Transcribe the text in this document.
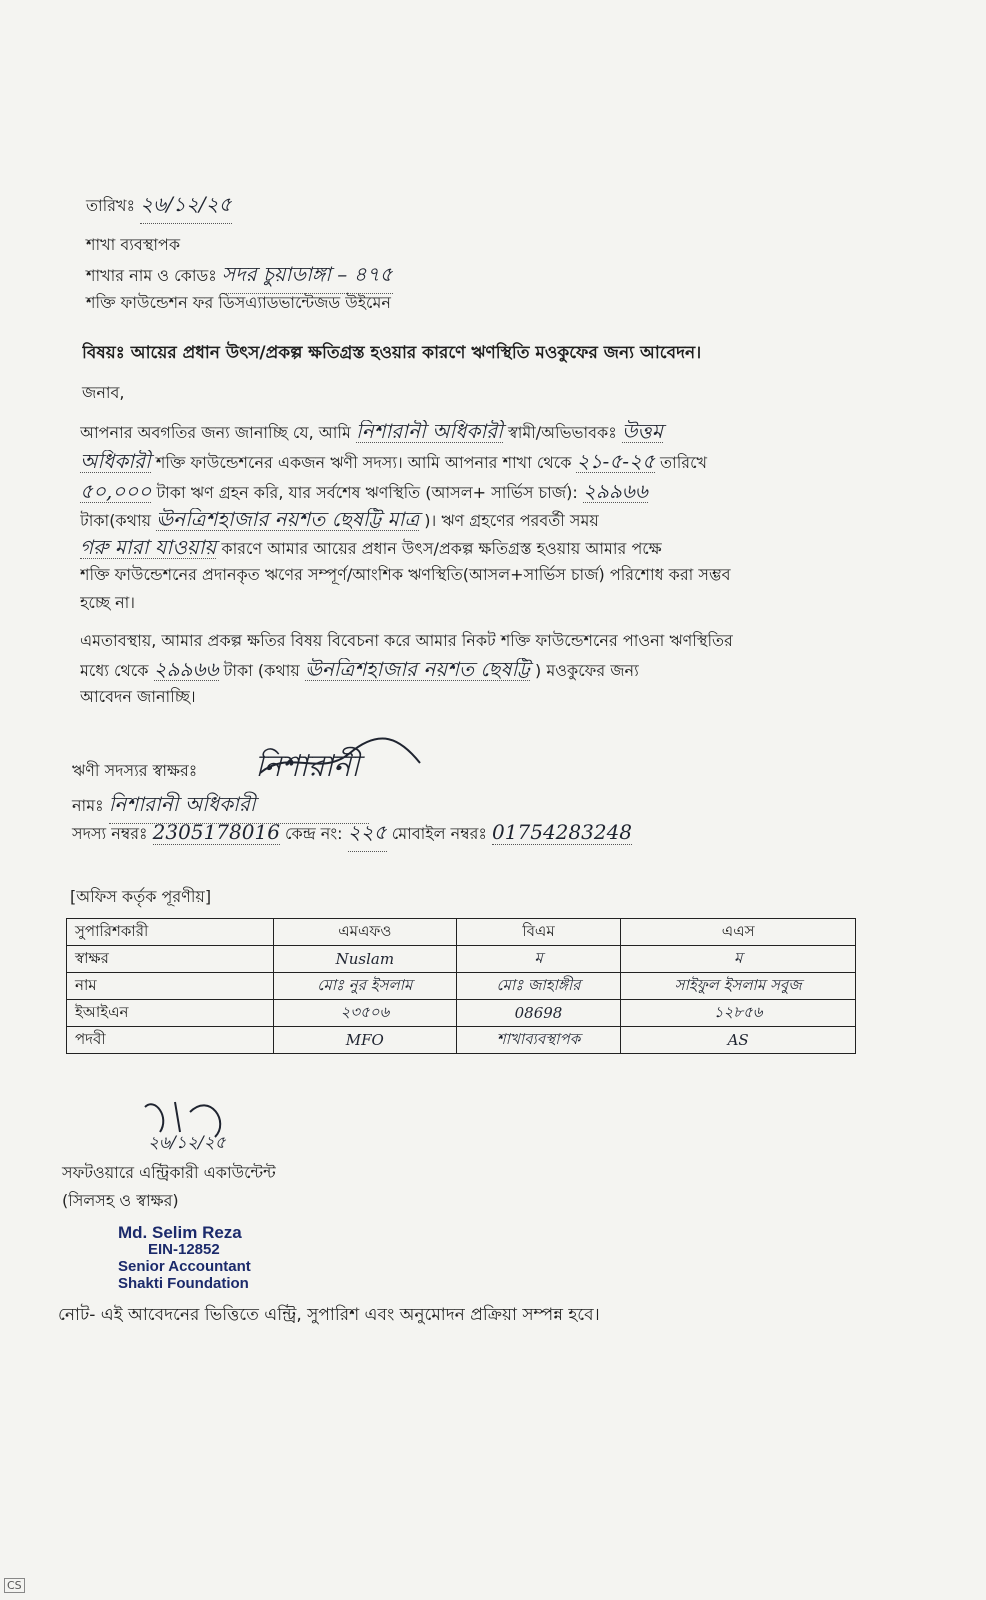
তারিখঃ ২৬/১২/২৫
শাখা ব্যবস্থাপক
শাখার নাম ও কোডঃ সদর চুয়াডাঙ্গা – ৪৭৫
শক্তি ফাউন্ডেশন ফর ডিসএ্যাডভান্টেজড উইমেন
বিষয়ঃ আয়ের প্রধান উৎস/প্রকল্প ক্ষতিগ্রস্ত হওয়ার কারণে ঋণস্থিতি মওকুফের জন্য আবেদন।
জনাব,
আপনার অবগতির জন্য জানাচ্ছি যে, আমি নিশারানী অধিকারী স্বামী/অভিভাবকঃ উত্তম
অধিকারী শক্তি ফাউন্ডেশনের একজন ঋণী সদস্য। আমি আপনার শাখা থেকে ২১-৫-২৫ তারিখে
৫০,০০০ টাকা ঋণ গ্রহন করি, যার সর্বশেষ ঋণস্থিতি (আসল+ সার্ভিস চার্জ): ২৯৯৬৬
টাকা(কথায় ঊনত্রিশহাজার নয়শত ছেষট্টি মাত্র )। ঋণ গ্রহণের পরবর্তী সময়
গরু মারা যাওয়ায় কারণে আমার আয়ের প্রধান উৎস/প্রকল্প ক্ষতিগ্রস্ত হওয়ায় আমার পক্ষে
শক্তি ফাউন্ডেশনের প্রদানকৃত ঋণের সম্পূর্ণ/আংশিক ঋণস্থিতি(আসল+সার্ভিস চার্জ) পরিশোধ করা সম্ভব
হচ্ছে না।
এমতাবস্থায়, আমার প্রকল্প ক্ষতির বিষয় বিবেচনা করে আমার নিকট শক্তি ফাউন্ডেশনের পাওনা ঋণস্থিতির
মধ্যে থেকে ২৯৯৬৬ টাকা (কথায় ঊনত্রিশহাজার নয়শত ছেষট্টি ) মওকুফের জন্য
আবেদন জানাচ্ছি।
ঋণী সদস্যর স্বাক্ষরঃ নিশারানী
নামঃ নিশারানী অধিকারী
সদস্য নম্বরঃ 2305178016 কেন্দ্র নং: ২২৫ মোবাইল নম্বরঃ 01754283248
[অফিস কর্তৃক পূরণীয়]
সুপারিশকারী	এমএফও	বিএম	এএস
স্বাক্ষর	Nuslam	ম	ম
নাম	মোঃ নুর ইসলাম	মোঃ জাহাঙ্গীর	সাইফুল ইসলাম সবুজ
ইআইএন	২৩৫০৬	08698	১২৮৫৬
পদবী	MFO	শাখাব্যবস্থাপক	AS
২৬/১২/২৫
সফটওয়ারে এন্ট্রিকারী একাউন্টেন্ট
(সিলসহ ও স্বাক্ষর)
Md. Selim Reza
EIN-12852
Senior Accountant
Shakti Foundation
নোট- এই আবেদনের ভিত্তিতে এন্ট্রি, সুপারিশ এবং অনুমোদন প্রক্রিয়া সম্পন্ন হবে।
CS
